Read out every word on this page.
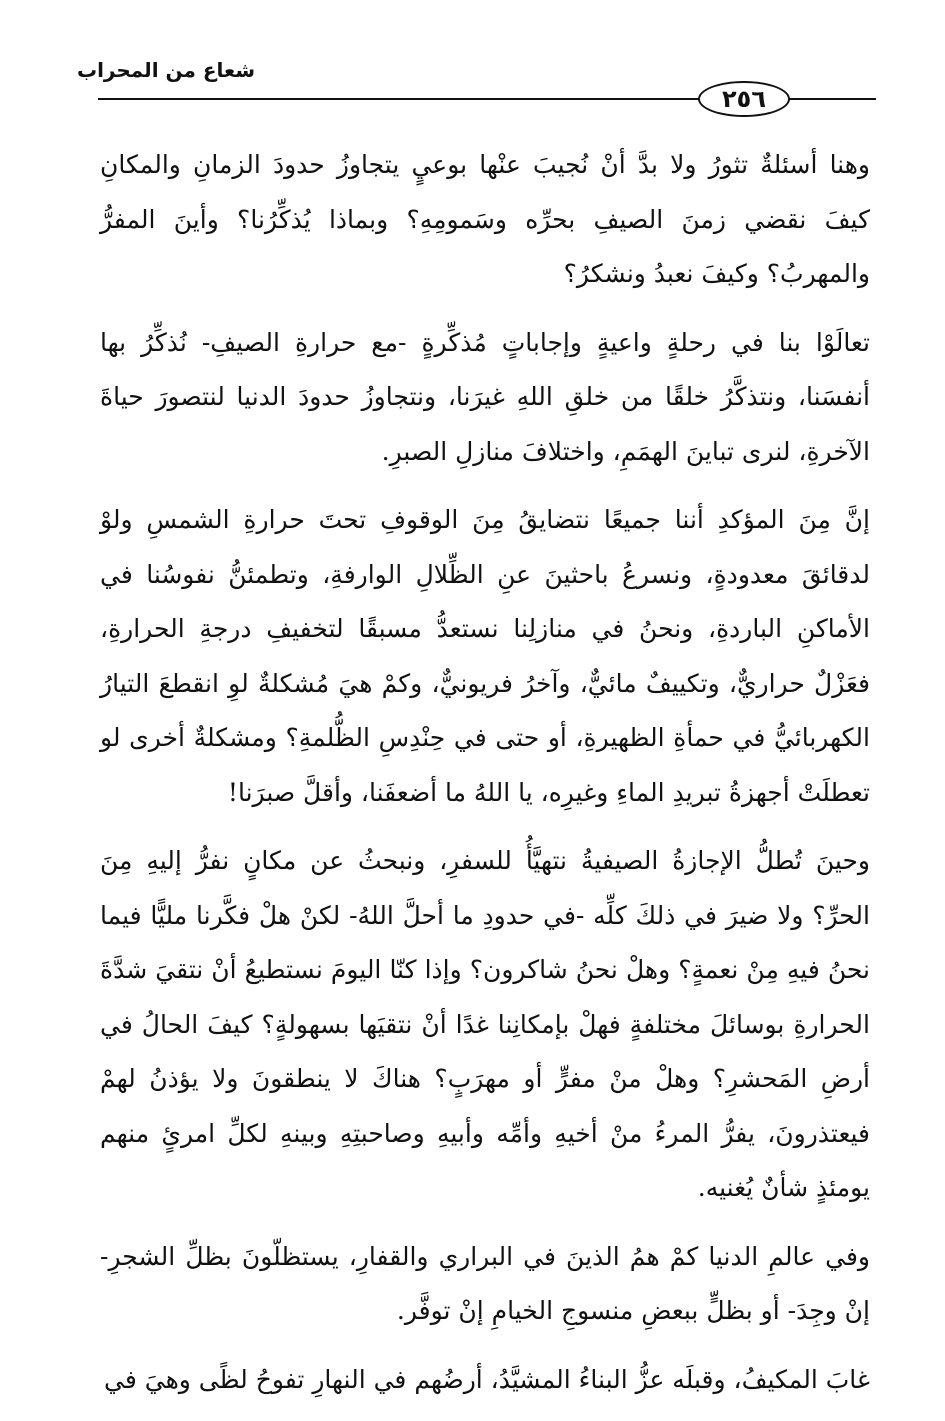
شعاع من المحراب
٢٥٦

وهنا أسئلةٌ تثورُ ولا بدَّ أنْ نُجيبَ عنْها بوعيٍ يتجاوزُ حدودَ الزمانِ والمكانِ كيفَ نقضي زمنَ الصيفِ بحرِّه وسَمومِهِ؟ وبماذا يُذكِّرُنا؟ وأينَ المفرُّ والمهربُ؟ وكيفَ نعبدُ ونشكرُ؟

تعالَوْا بنا في رحلةٍ واعيةٍ وإجاباتٍ مُذكِّرةٍ -مع حرارةِ الصيفِ- نُذكِّرُ بها أنفسَنا، ونتذكَّرُ خلقًا من خلقِ اللهِ غيرَنا، ونتجاوزُ حدودَ الدنيا لنتصورَ حياةَ الآخرةِ، لنرى تباينَ الهمَمِ، واختلافَ منازلِ الصبرِ.

إنَّ مِنَ المؤكدِ أننا جميعًا نتضايقُ مِنَ الوقوفِ تحتَ حرارةِ الشمسِ ولوْ لدقائقَ معدودةٍ، ونسرعُ باحثينَ عنِ الظِّلالِ الوارفةِ، وتطمئنُّ نفوسُنا في الأماكنِ الباردةِ، ونحنُ في منازلِنا نستعدُّ مسبقًا لتخفيفِ درجةِ الحرارةِ، فعَزْلٌ حراريٌّ، وتكييفٌ مائيٌّ، وآخرُ فريونيٌّ، وكمْ هيَ مُشكلةٌ لوِ انقطعَ التيارُ الكهربائيُّ في حمأةِ الظهيرةِ، أو حتى في حِنْدِسِ الظُّلمةِ؟ ومشكلةٌ أخرى لو تعطلَتْ أجهزةُ تبريدِ الماءِ وغيرِه، يا اللهُ ما أضعفَنا، وأقلَّ صبرَنا!

وحينَ تُطلُّ الإجازةُ الصيفيةُ نتهيَّأُ للسفرِ، ونبحثُ عن مكانٍ نفرُّ إليهِ مِنَ الحرِّ؟ ولا ضيرَ في ذلكَ كلِّه -في حدودِ ما أحلَّ اللهُ- لكنْ هلْ فكَّرنا مليًّا فيما نحنُ فيهِ مِنْ نعمةٍ؟ وهلْ نحنُ شاكرون؟ وإذا كنّا اليومَ نستطيعُ أنْ نتقيَ شدَّةَ الحرارةِ بوسائلَ مختلفةٍ فهلْ بإمكانِنا غدًا أنْ نتقيَها بسهولةٍ؟ كيفَ الحالُ في أرضِ المَحشرِ؟ وهلْ منْ مفرٍّ أو مهرَبٍ؟ هناكَ لا ينطقونَ ولا يؤذنُ لهمْ فيعتذرونَ، يفرُّ المرءُ منْ أخيهِ وأمِّه وأبيهِ وصاحبتِهِ وبينهِ لكلِّ امرئٍ منهم يومئذٍ شأنٌ يُغنيه.

وفي عالمِ الدنيا كمْ همُ الذينَ في البراري والقفارِ، يستظلّونَ بظلِّ الشجرِ- إنْ وجِدَ- أو بظلٍّ ببعضِ منسوجِ الخيامِ إنْ توفَّر.

غابَ المكيفُ، وقبلَه عزُّ البناءُ المشيَّدُ، أرضُهم في النهارِ تفوحُ لظًى وهيَ في
